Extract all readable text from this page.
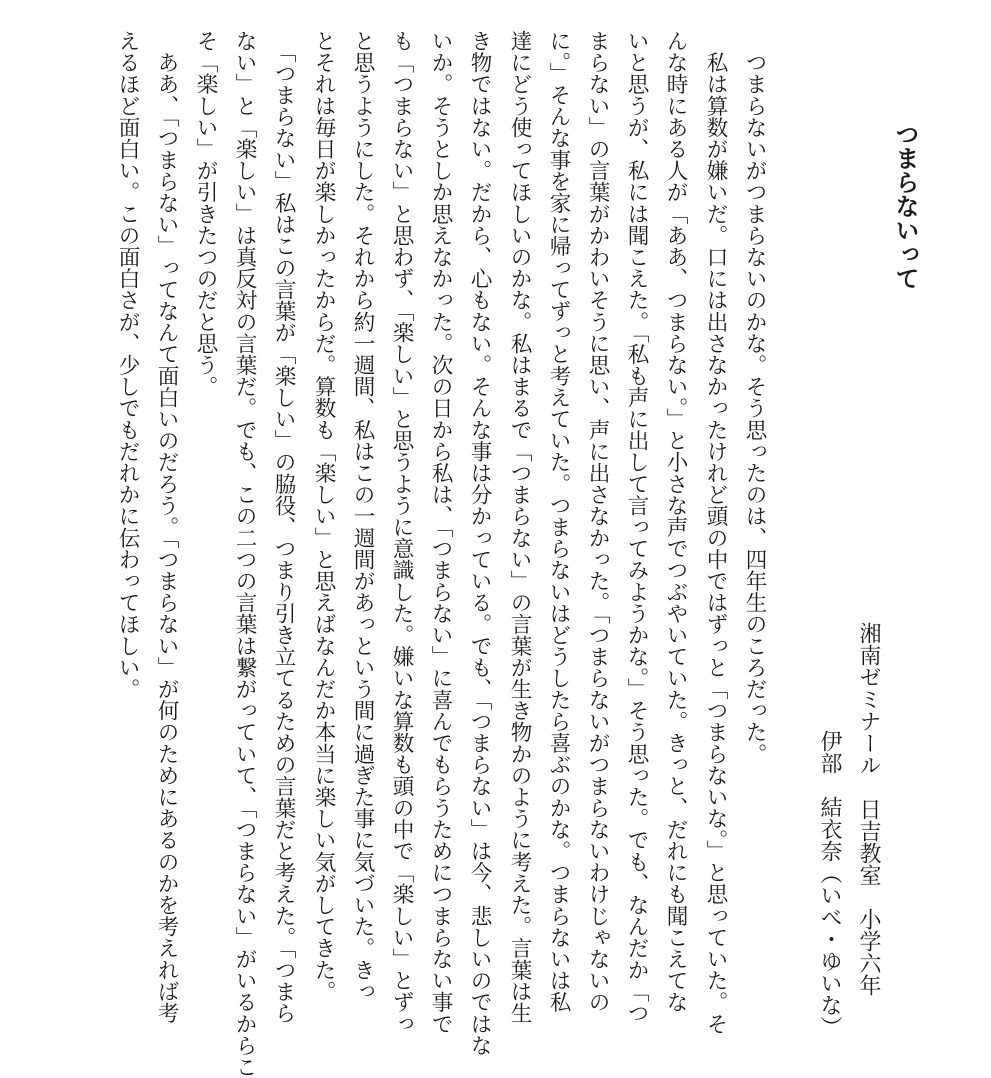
つまらないって
湘南ゼミナール　日吉教室　小学六年
伊部　結衣奈（いべ・ゆいな）
　つまらないがつまらないのかな。そう思ったのは、四年生のころだった。
　私は算数が嫌いだ。口には出さなかったけれど頭の中ではずっと「つまらないな。」と思っていた。そ
んな時にある人が「ああ、つまらない。」と小さな声でつぶやいていた。きっと、だれにも聞こえてな
いと思うが、私には聞こえた。「私も声に出して言ってみようかな。」そう思った。でも、なんだか「つ
まらない」の言葉がかわいそうに思い、声に出さなかった。「つまらないがつまらないわけじゃないの
に。」そんな事を家に帰ってずっと考えていた。つまらないはどうしたら喜ぶのかな。つまらないは私
達にどう使ってほしいのかな。私はまるで「つまらない」の言葉が生き物かのように考えた。言葉は生
き物ではない。だから、心もない。そんな事は分かっている。でも、「つまらない」は今、悲しいのではな
いか。そうとしか思えなかった。次の日から私は、「つまらない」に喜んでもらうためにつまらない事で
も「つまらない」と思わず、「楽しい」と思うように意識した。嫌いな算数も頭の中で「楽しい」とずっ
と思うようにした。それから約一週間、私はこの一週間があっという間に過ぎた事に気づいた。きっ
とそれは毎日が楽しかったからだ。算数も「楽しい」と思えばなんだか本当に楽しい気がしてきた。
　「つまらない」私はこの言葉が「楽しい」の脇役、つまり引き立てるための言葉だと考えた。「つまら
ない」と「楽しい」は真反対の言葉だ。でも、この二つの言葉は繋がっていて、「つまらない」がいるからこ
そ「楽しい」が引きたつのだと思う。
　ああ、「つまらない」ってなんて面白いのだろう。「つまらない」が何のためにあるのかを考えれば考
えるほど面白い。この面白さが、少しでもだれかに伝わってほしい。
